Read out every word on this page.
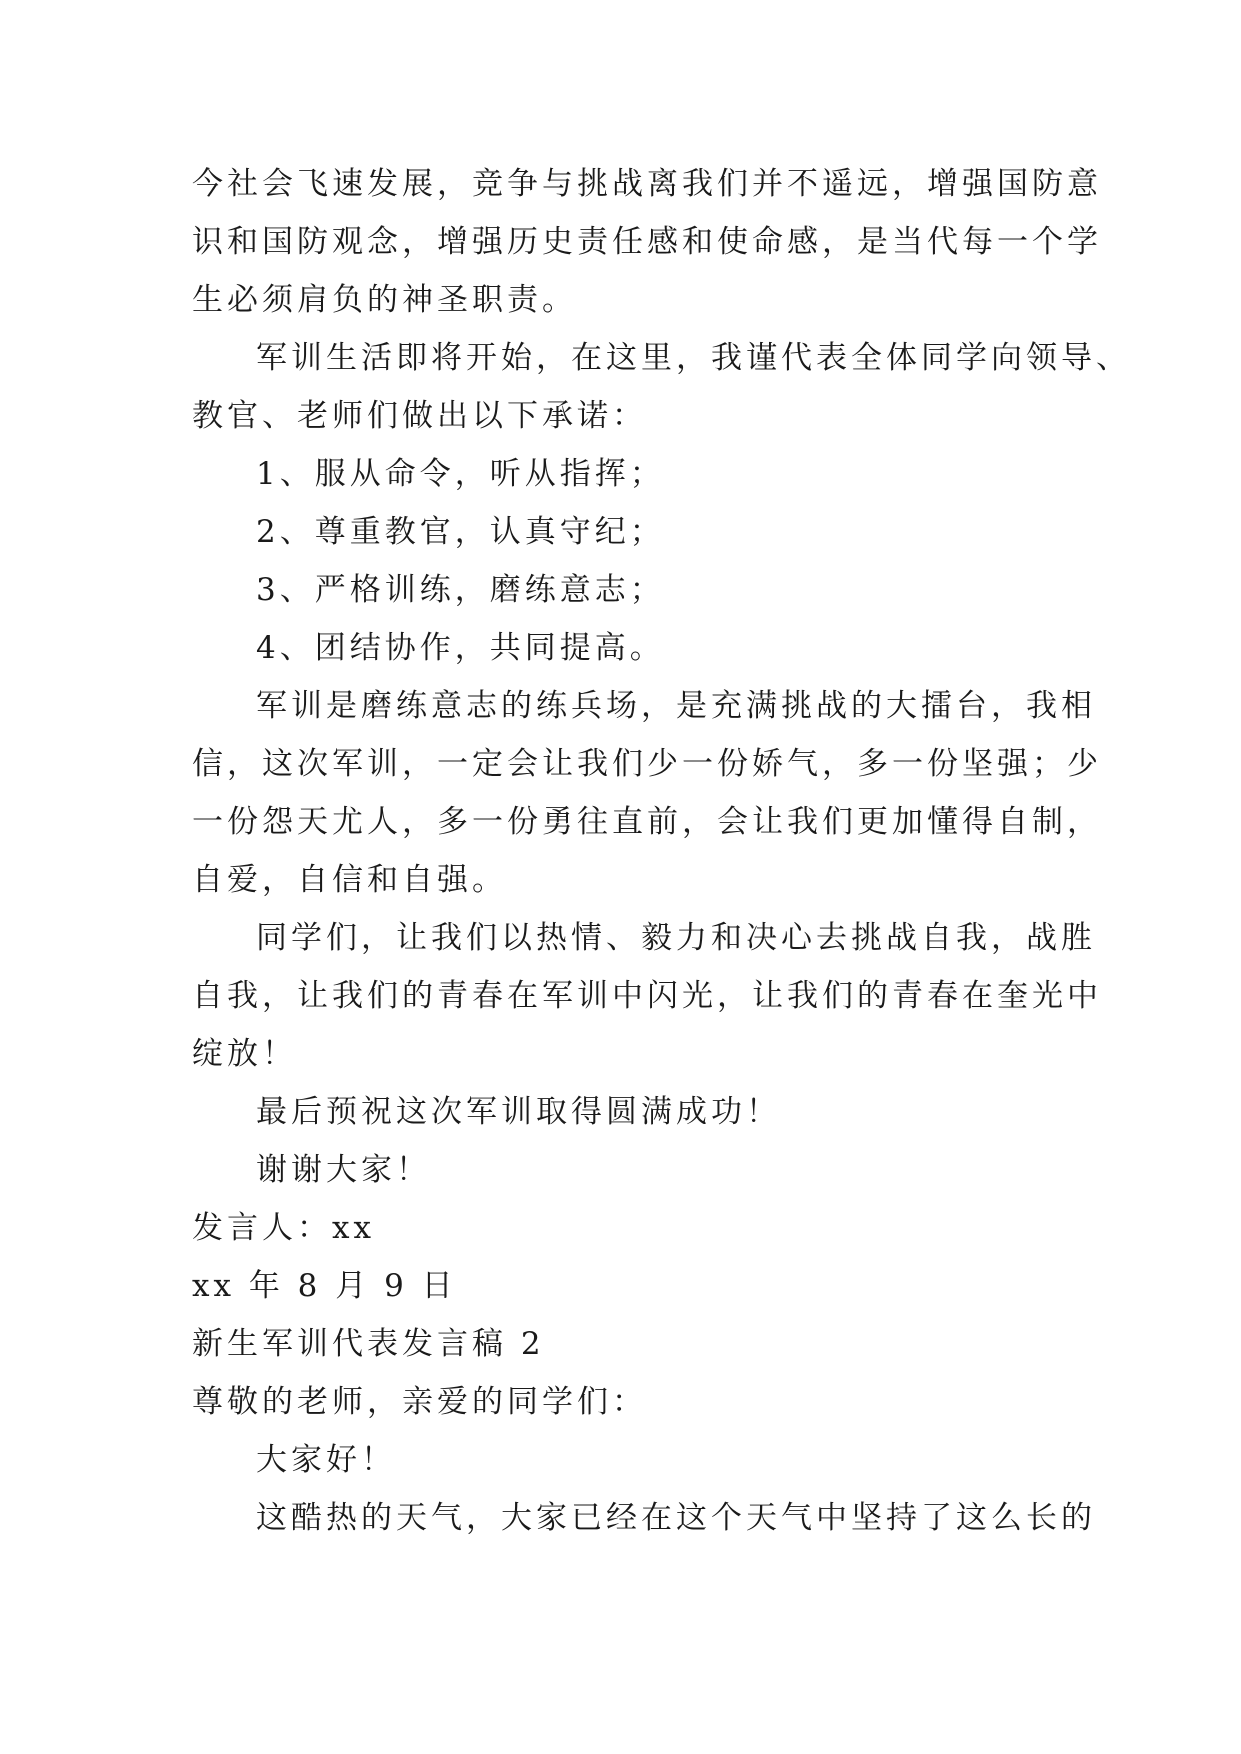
今社会飞速发展，竞争与挑战离我们并不遥远，增强国防意
识和国防观念，增强历史责任感和使命感，是当代每一个学
生必须肩负的神圣职责。
军训生活即将开始，在这里，我谨代表全体同学向领导、
教官、老师们做出以下承诺：
1、服从命令，听从指挥；
2、尊重教官，认真守纪；
3、严格训练，磨练意志；
4、团结协作，共同提高。
军训是磨练意志的练兵场，是充满挑战的大擂台，我相
信，这次军训，一定会让我们少一份娇气，多一份坚强；少
一份怨天尤人，多一份勇往直前，会让我们更加懂得自制，
自爱，自信和自强。
同学们，让我们以热情、毅力和决心去挑战自我，战胜
自我，让我们的青春在军训中闪光，让我们的青春在奎光中
绽放！
最后预祝这次军训取得圆满成功！
谢谢大家！
发言人：xx
xx 年 8 月 9 日
新生军训代表发言稿 2
尊敬的老师，亲爱的同学们：
大家好！
这酷热的天气，大家已经在这个天气中坚持了这么长的
